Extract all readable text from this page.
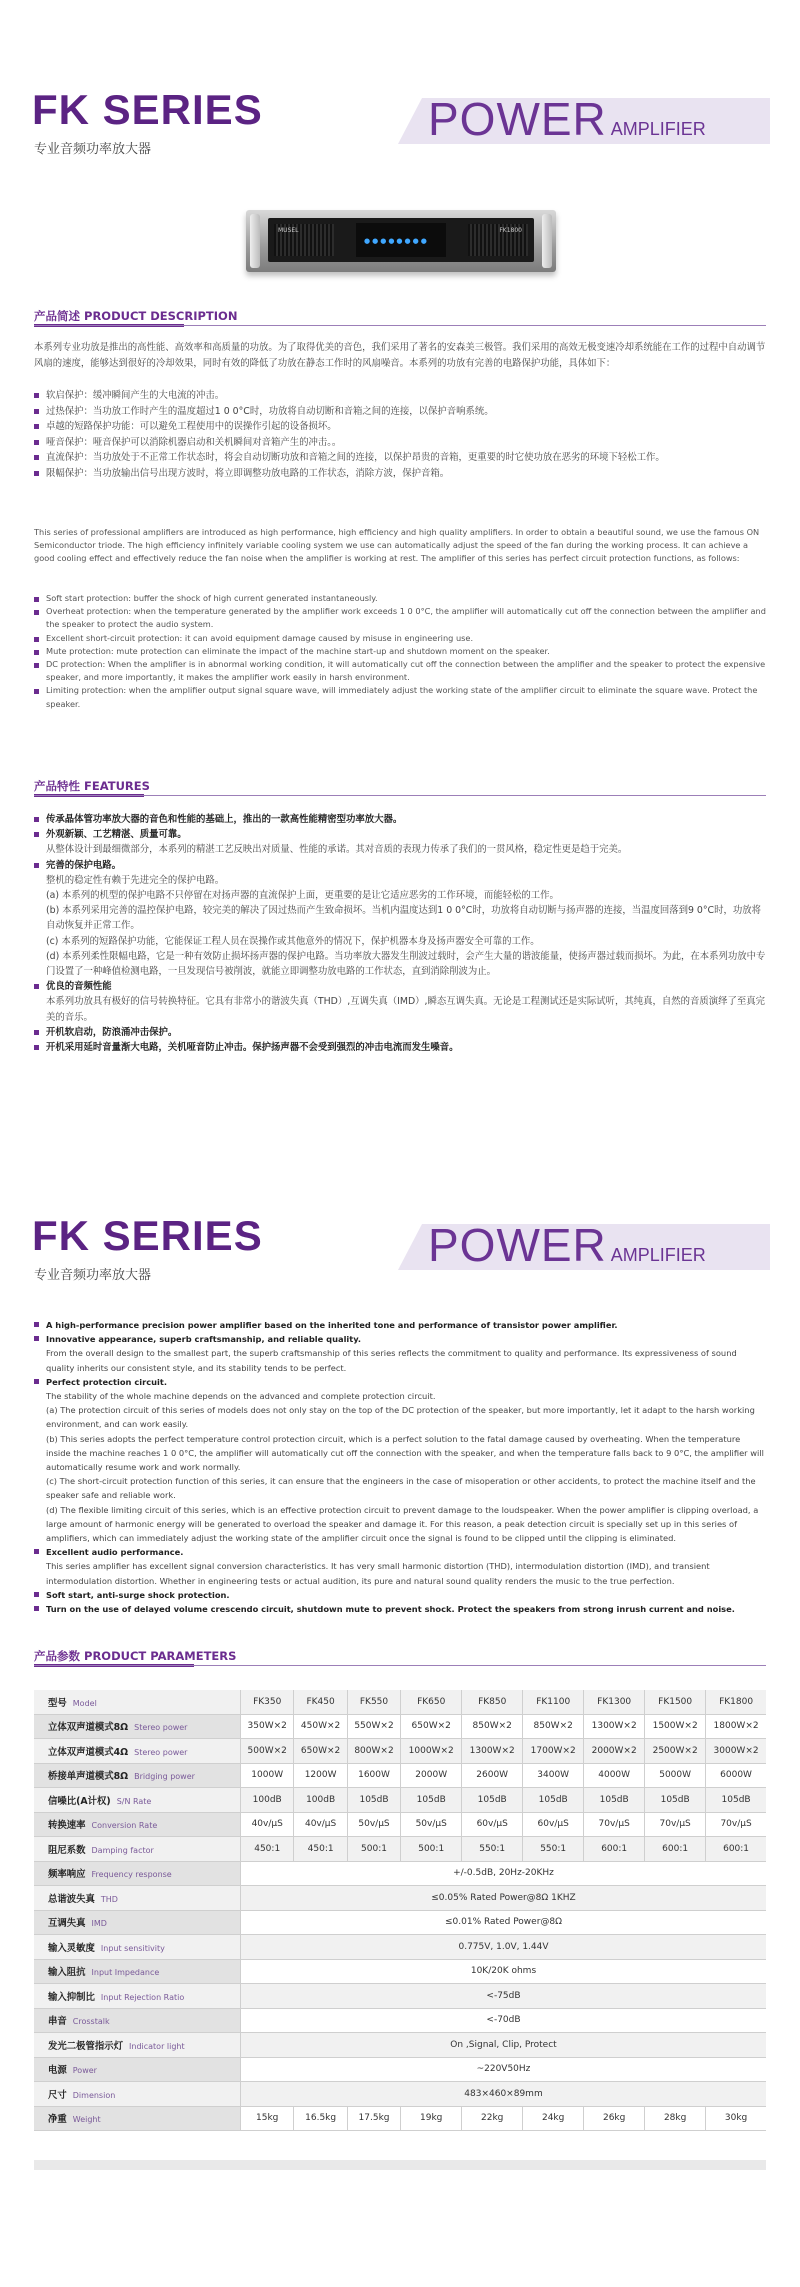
FK SERIES
专业音频功率放大器
POWER AMPLIFIER
MUSEL
●●●●●●●●
FK1800
产品简述 PRODUCT DESCRIPTION
本系列专业功放是推出的高性能、高效率和高质量的功放。为了取得优美的音色，我们采用了著名的安森美三极管。我们采用的高效无极变速冷却系统能在工作的过程中自动调节风扇的速度，能够达到很好的冷却效果，同时有效的降低了功放在静态工作时的风扇噪音。本系列的功放有完善的电路保护功能，具体如下：
软启保护：缓冲瞬间产生的大电流的冲击。
过热保护：当功放工作时产生的温度超过1 0 0°C时，功放将自动切断和音箱之间的连接，以保护音响系统。
卓越的短路保护功能：可以避免工程使用中的误操作引起的设备损坏。
哑音保护：哑音保护可以消除机器启动和关机瞬间对音箱产生的冲击。。
直流保护：当功放处于不正常工作状态时，将会自动切断功放和音箱之间的连接，以保护昂贵的音箱，更重要的时它使功放在恶劣的环境下轻松工作。
限幅保护：当功放输出信号出现方波时，将立即调整功放电路的工作状态，消除方波，保护音箱。
This series of professional amplifiers are introduced as high performance, high efficiency and high quality amplifiers. In order to obtain a beautiful sound, we use the famous ON Semiconductor triode. The high efficiency infinitely variable cooling system we use can automatically adjust the speed of the fan during the working process. It can achieve a good cooling effect and effectively reduce the fan noise when the amplifier is working at rest. The amplifier of this series has perfect circuit protection functions, as follows:
Soft start protection: buffer the shock of high current generated instantaneously.
Overheat protection: when the temperature generated by the amplifier work exceeds 1 0 0°C, the amplifier will automatically cut off the connection between the amplifier and the speaker to protect the audio system.
Excellent short-circuit protection: it can avoid equipment damage caused by misuse in engineering use.
Mute protection: mute protection can eliminate the impact of the machine start-up and shutdown moment on the speaker.
DC protection: When the amplifier is in abnormal working condition, it will automatically cut off the connection between the amplifier and the speaker to protect the expensive speaker, and more importantly, it makes the amplifier work easily in harsh environment.
Limiting protection: when the amplifier output signal square wave, will immediately adjust the working state of the amplifier circuit to eliminate the square wave. Protect the speaker.
产品特性 FEATURES
传承晶体管功率放大器的音色和性能的基础上，推出的一款高性能精密型功率放大器。
外观新颖、工艺精湛、质量可靠。
从整体设计到最细微部分，本系列的精湛工艺反映出对质量、性能的承诺。其对音质的表现力传承了我们的一贯风格，稳定性更是趋于完美。
完善的保护电路。
整机的稳定性有赖于先进完全的保护电路。
(a) 本系列的机型的保护电路不只停留在对扬声器的直流保护上面，更重要的是让它适应恶劣的工作环境，而能轻松的工作。
(b) 本系列采用完善的温控保护电路，较完美的解决了因过热而产生致命损坏。当机内温度达到1 0 0°C时，功放将自动切断与扬声器的连接，当温度回落到9 0°C时，功放将自动恢复并正常工作。
(c) 本系列的短路保护功能，它能保证工程人员在误操作或其他意外的情况下，保护机器本身及扬声器安全可靠的工作。
(d) 本系列柔性限幅电路，它是一种有效防止损坏扬声器的保护电路。当功率放大器发生削波过载时，会产生大量的谐波能量，使扬声器过载而损坏。为此，在本系列功放中专门设置了一种峰值检测电路，一旦发现信号被削波，就能立即调整功放电路的工作状态，直到消除削波为止。
优良的音频性能
本系列功放具有极好的信号转换特征。它具有非常小的谐波失真（THD）,互调失真（IMD）,瞬态互调失真。无论是工程测试还是实际试听，其纯真，自然的音质演绎了至真完美的音乐。
开机软启动，防浪涌冲击保护。
开机采用延时音量渐大电路，关机哑音防止冲击。保护扬声器不会受到强烈的冲击电流而发生噪音。
FK SERIES
专业音频功率放大器
POWER AMPLIFIER
A high-performance precision power amplifier based on the inherited tone and performance of transistor power amplifier.
Innovative appearance, superb craftsmanship, and reliable quality.
From the overall design to the smallest part, the superb craftsmanship of this series reflects the commitment to quality and performance. Its expressiveness of sound quality inherits our consistent style, and its stability tends to be perfect.
Perfect protection circuit.
The stability of the whole machine depends on the advanced and complete protection circuit.
(a) The protection circuit of this series of models does not only stay on the top of the DC protection of the speaker, but more importantly, let it adapt to the harsh working environment, and can work easily.
(b) This series adopts the perfect temperature control protection circuit, which is a perfect solution to the fatal damage caused by overheating. When the temperature inside the machine reaches 1 0 0°C, the amplifier will automatically cut off the connection with the speaker, and when the temperature falls back to 9 0°C, the amplifier will automatically resume work and work normally.
(c) The short-circuit protection function of this series, it can ensure that the engineers in the case of misoperation or other accidents, to protect the machine itself and the speaker safe and reliable work.
(d) The flexible limiting circuit of this series, which is an effective protection circuit to prevent damage to the loudspeaker. When the power amplifier is clipping overload, a large amount of harmonic energy will be generated to overload the speaker and damage it. For this reason, a peak detection circuit is specially set up in this series of amplifiers, which can immediately adjust the working state of the amplifier circuit once the signal is found to be clipped until the clipping is eliminated.
Excellent audio performance.
This series amplifier has excellent signal conversion characteristics. It has very small harmonic distortion (THD), intermodulation distortion (IMD), and transient intermodulation distortion. Whether in engineering tests or actual audition, its pure and natural sound quality renders the music to the true perfection.
Soft start, anti-surge shock protection.
Turn on the use of delayed volume crescendo circuit, shutdown mute to prevent shock. Protect the speakers from strong inrush current and noise.
产品参数 PRODUCT PARAMETERS
型号 Model	FK350	FK450	FK550	FK650	FK850	FK1100	FK1300	FK1500	FK1800
立体双声道模式8Ω Stereo power	350W×2	450W×2	550W×2	650W×2	850W×2	850W×2	1300W×2	1500W×2	1800W×2
立体双声道模式4Ω Stereo power	500W×2	650W×2	800W×2	1000W×2	1300W×2	1700W×2	2000W×2	2500W×2	3000W×2
桥接单声道模式8Ω Bridging power	1000W	1200W	1600W	2000W	2600W	3400W	4000W	5000W	6000W
信噪比(A计权) S/N Rate	100dB	100dB	105dB	105dB	105dB	105dB	105dB	105dB	105dB
转换速率 Conversion Rate	40v/μS	40v/μS	50v/μS	50v/μS	60v/μS	60v/μS	70v/μS	70v/μS	70v/μS
阻尼系数 Damping factor	450:1	450:1	500:1	500:1	550:1	550:1	600:1	600:1	600:1
频率响应 Frequency response	+/-0.5dB, 20Hz-20KHz								
总谐波失真 THD	≤0.05% Rated Power@8Ω 1KHZ								
互调失真 IMD	≤0.01% Rated Power@8Ω								
输入灵敏度 Input sensitivity	0.775V, 1.0V, 1.44V								
输入阻抗 Input Impedance	10K/20K ohms								
输入抑制比 Input Rejection Ratio	<-75dB								
串音 Crosstalk	<-70dB								
发光二极管指示灯 Indicator light	On ,Signal, Clip, Protect								
电源 Power	~220V50Hz								
尺寸 Dimension	483×460×89mm								
净重 Weight	15kg	16.5kg	17.5kg	19kg	22kg	24kg	26kg	28kg	30kg
